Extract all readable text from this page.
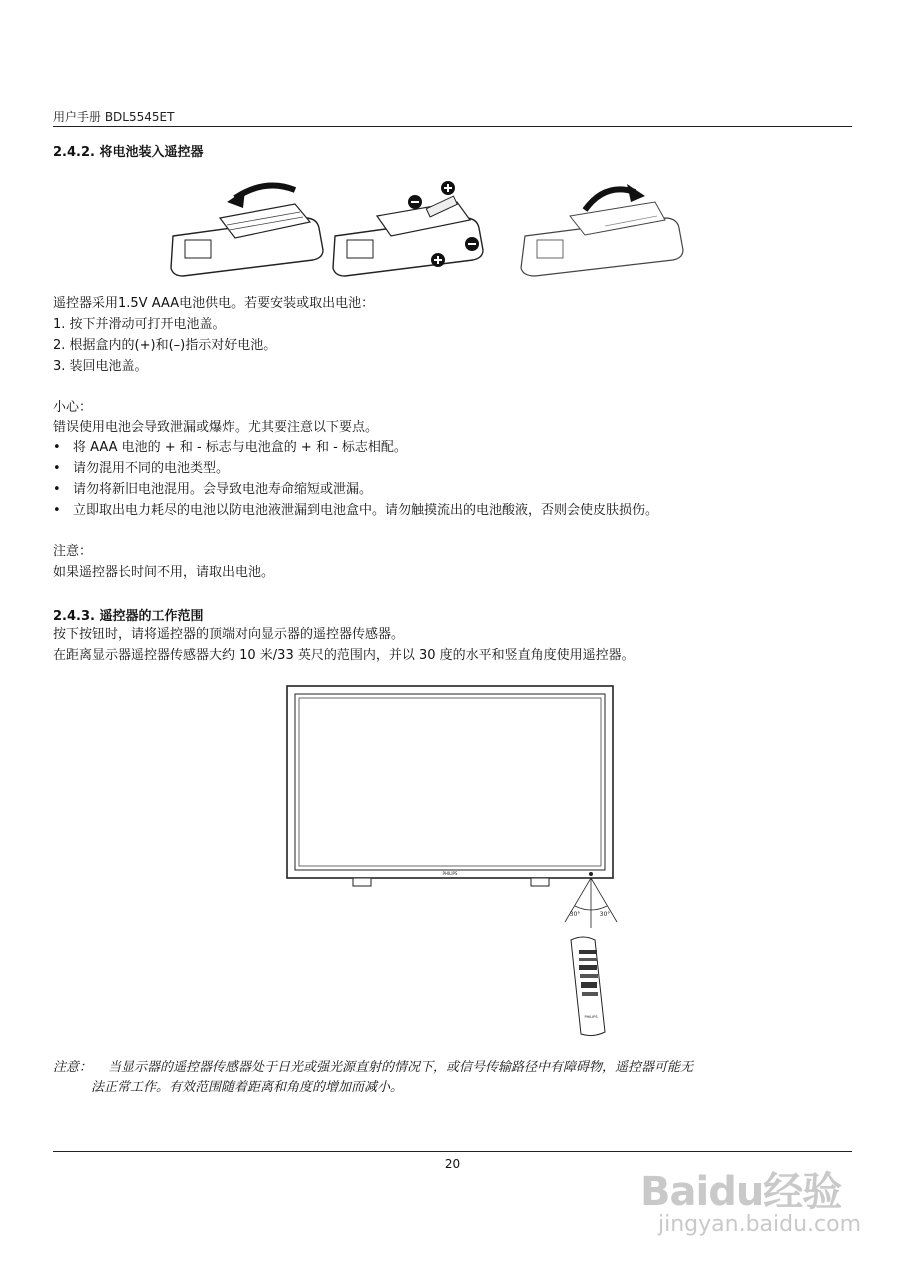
用户手册 BDL5545ET
2.4.2. 将电池装入遥控器
遥控器采用1.5V AAA电池供电。若要安装或取出电池：
1. 按下并滑动可打开电池盖。
2. 根据盒内的(+)和(–)指示对好电池。
3. 装回电池盖。
小心：
错误使用电池会导致泄漏或爆炸。尤其要注意以下要点。
• 将 AAA 电池的 + 和 - 标志与电池盒的 + 和 - 标志相配。
• 请勿混用不同的电池类型。
• 请勿将新旧电池混用。会导致电池寿命缩短或泄漏。
• 立即取出电力耗尽的电池以防电池液泄漏到电池盒中。请勿触摸流出的电池酸液，否则会使皮肤损伤。
注意：
如果遥控器长时间不用，请取出电池。
2.4.3. 遥控器的工作范围
按下按钮时，请将遥控器的顶端对向显示器的遥控器传感器。
在距离显示器遥控器传感器大约 10 米/33 英尺的范围内，并以 30 度的水平和竖直角度使用遥控器。
PHILIPS
30°	30°
PHILIPS
注意： 当显示器的遥控器传感器处于日光或强光源直射的情况下，或信号传输路径中有障碍物，遥控器可能无
法正常工作。有效范围随着距离和角度的增加而减小。
20
Baidu经验
jingyan.baidu.com
